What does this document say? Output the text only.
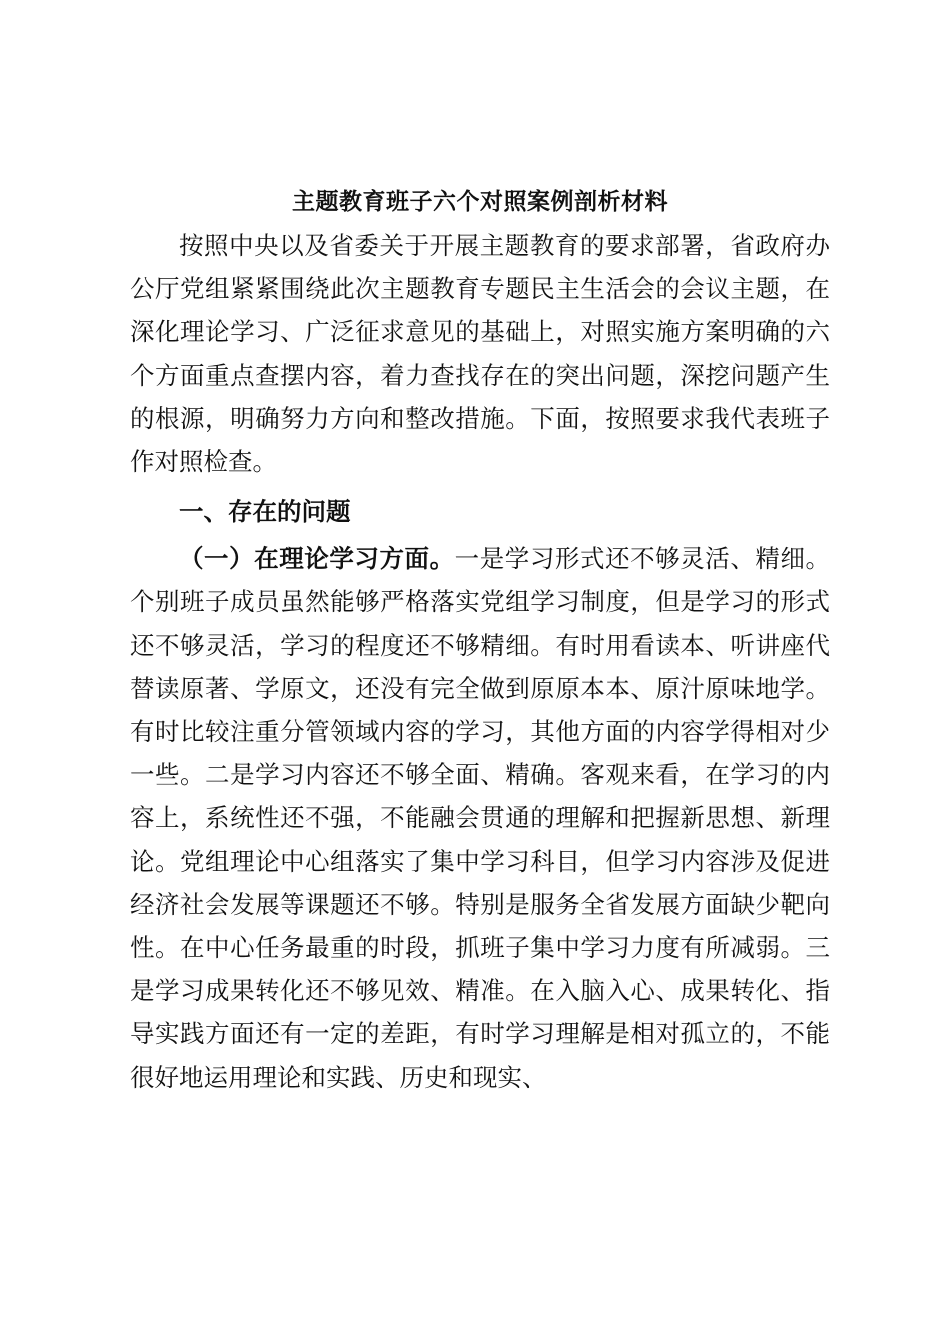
主题教育班子六个对照案例剖析材料

按照中央以及省委关于开展主题教育的要求部署，省政府办公厅党组紧紧围绕此次主题教育专题民主生活会的会议主题，在深化理论学习、广泛征求意见的基础上，对照实施方案明确的六个方面重点查摆内容，着力查找存在的突出问题，深挖问题产生的根源，明确努力方向和整改措施。下面，按照要求我代表班子作对照检查。

一、存在的问题

（一）在理论学习方面。一是学习形式还不够灵活、精细。个别班子成员虽然能够严格落实党组学习制度，但是学习的形式还不够灵活，学习的程度还不够精细。有时用看读本、听讲座代替读原著、学原文，还没有完全做到原原本本、原汁原味地学。有时比较注重分管领域内容的学习，其他方面的内容学得相对少一些。二是学习内容还不够全面、精确。客观来看，在学习的内容上，系统性还不强，不能融会贯通的理解和把握新思想、新理论。党组理论中心组落实了集中学习科目，但学习内容涉及促进经济社会发展等课题还不够。特别是服务全省发展方面缺少靶向性。在中心任务最重的时段，抓班子集中学习力度有所减弱。三是学习成果转化还不够见效、精准。在入脑入心、成果转化、指导实践方面还有一定的差距，有时学习理解是相对孤立的，不能很好地运用理论和实践、历史和现实、
